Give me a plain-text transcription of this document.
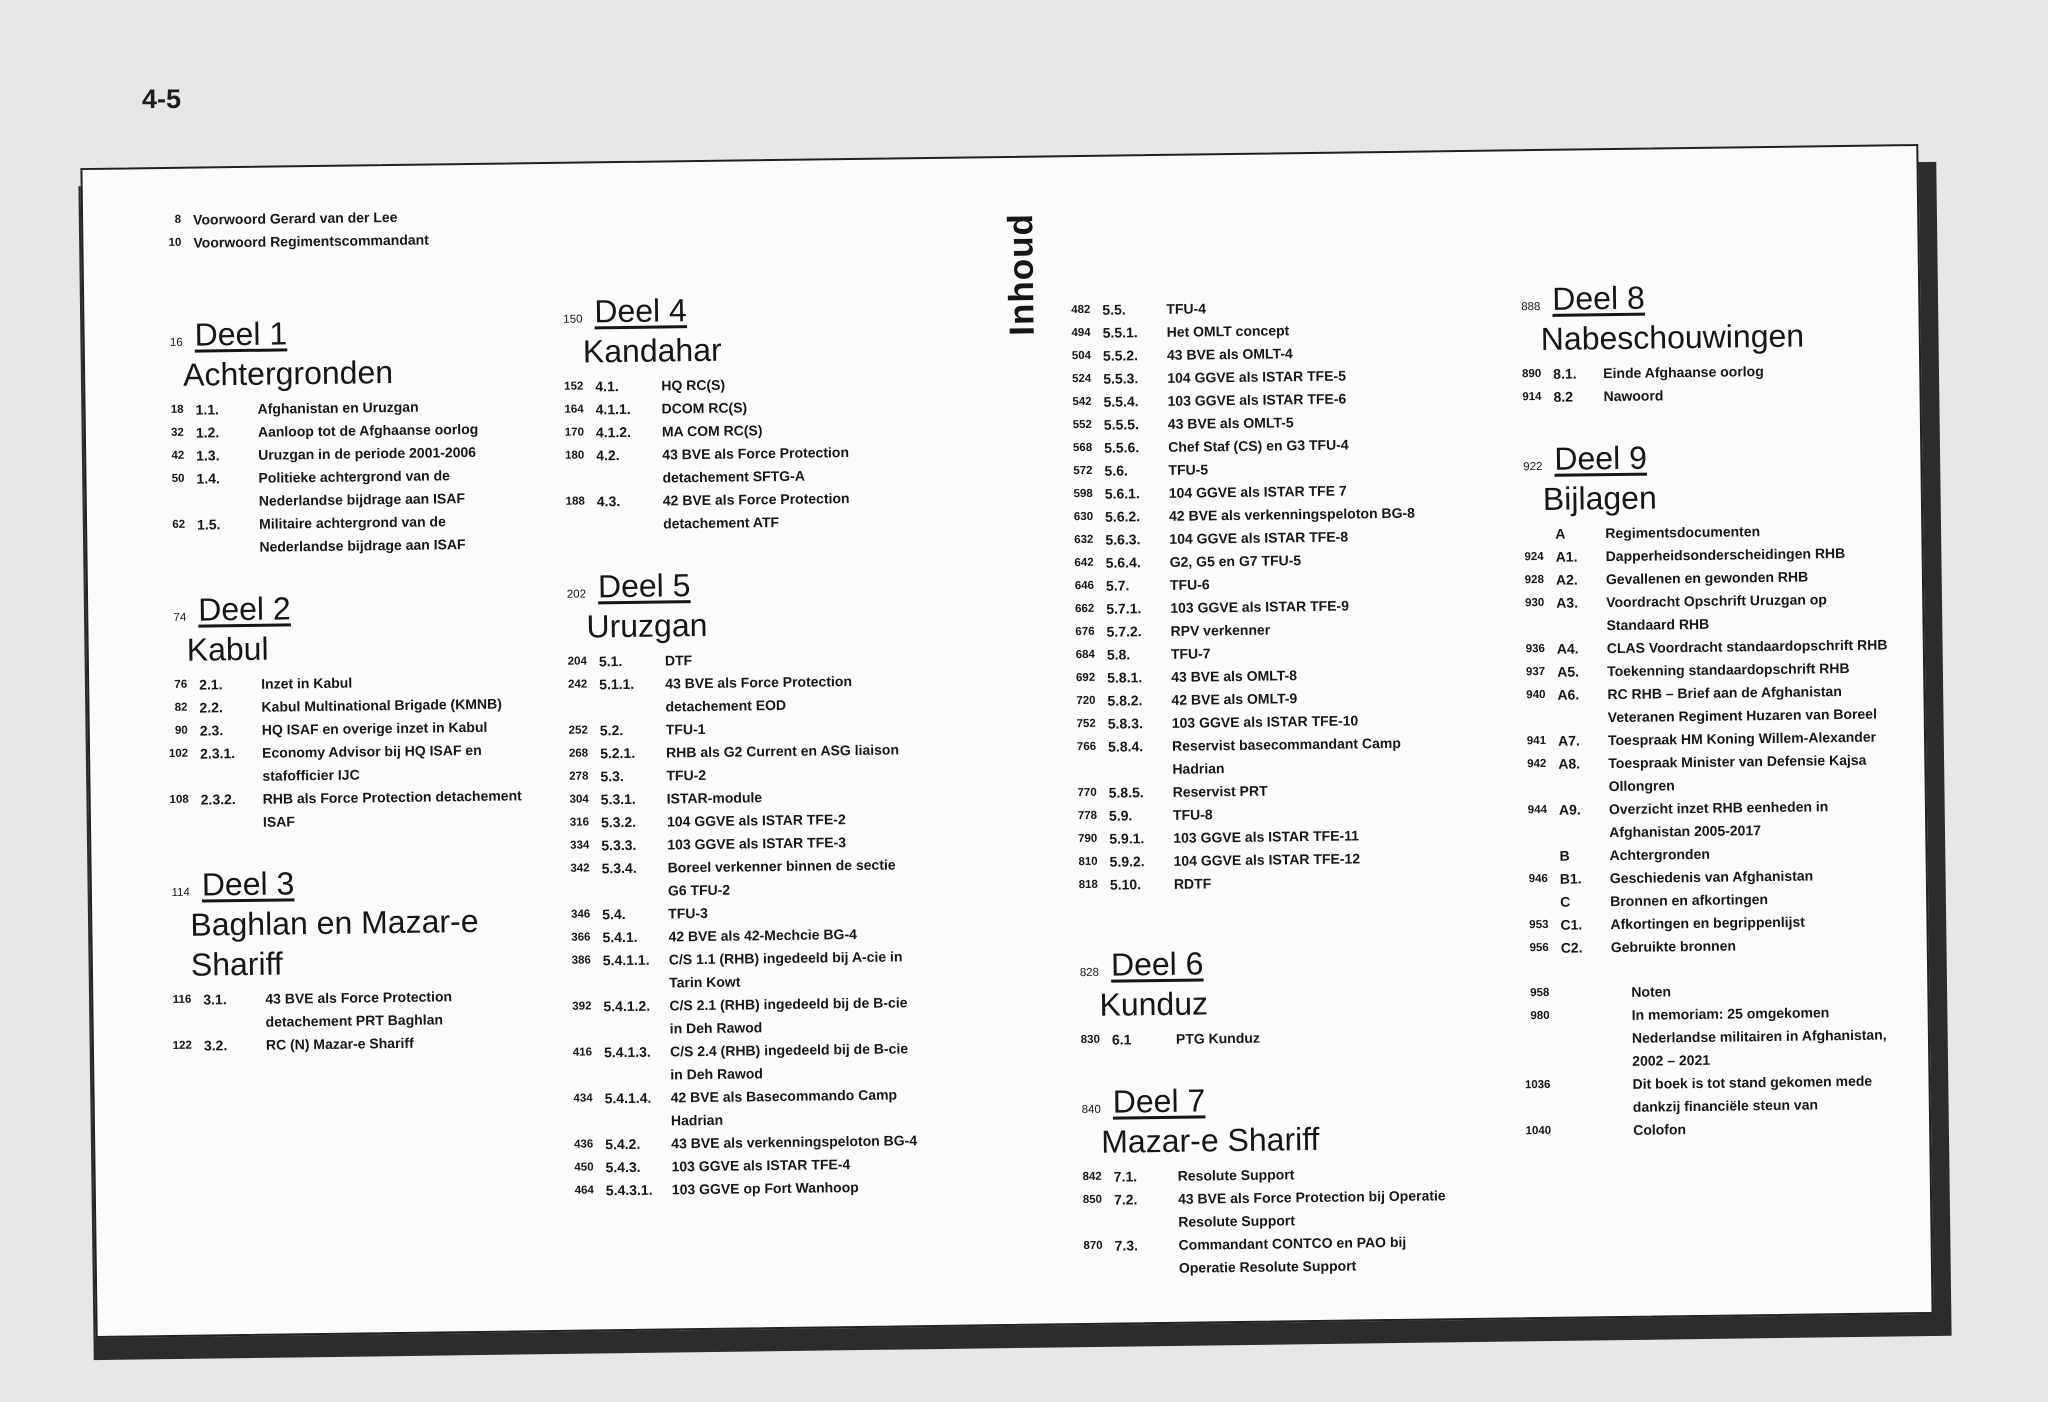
4-5
Inhoud
8 Voorwoord Gerard van der Lee
10 Voorwoord Regimentscommandant
16 Deel 1
Achtergronden
18 1.1.	Afghanistan en Uruzgan
32 1.2.	Aanloop tot de Afghaanse oorlog
42 1.3.	Uruzgan in de periode 2001-2006
50 1.4.	Politieke achtergrond van de Nederlandse bijdrage aan ISAF
62 1.5.	Militaire achtergrond van de Nederlandse bijdrage aan ISAF
74 Deel 2
Kabul
76 2.1.	Inzet in Kabul
82 2.2.	Kabul Multinational Brigade (KMNB)
90 2.3.	HQ ISAF en overige inzet in Kabul
102 2.3.1.	Economy Advisor bij HQ ISAF en stafofficier IJC
108 2.3.2.	RHB als Force Protection detachement ISAF
114 Deel 3
Baghlan en Mazar-e Shariff
116 3.1.	43 BVE als Force Protection detachement PRT Baghlan
122 3.2.	RC (N) Mazar-e Shariff
150 Deel 4
Kandahar
152 4.1.	HQ RC(S)
164 4.1.1.	DCOM RC(S)
170 4.1.2.	MA COM RC(S)
180 4.2.	43 BVE als Force Protection detachement SFTG-A
188 4.3.	42 BVE als Force Protection detachement ATF
202 Deel 5
Uruzgan
204 5.1.	DTF
242 5.1.1.	43 BVE als Force Protection detachement EOD
252 5.2.	TFU-1
268 5.2.1.	RHB als G2 Current en ASG liaison
278 5.3.	TFU-2
304 5.3.1.	ISTAR-module
316 5.3.2.	104 GGVE als ISTAR TFE-2
334 5.3.3.	103 GGVE als ISTAR TFE-3
342 5.3.4.	Boreel verkenner binnen de sectie G6 TFU-2
346 5.4.	TFU-3
366 5.4.1.	42 BVE als 42-Mechcie BG-4
386 5.4.1.1.	C/S 1.1 (RHB) ingedeeld bij A-cie in Tarin Kowt
392 5.4.1.2.	C/S 2.1 (RHB) ingedeeld bij de B-cie in Deh Rawod
416 5.4.1.3.	C/S 2.4 (RHB) ingedeeld bij de B-cie in Deh Rawod
434 5.4.1.4.	42 BVE als Basecommando Camp Hadrian
436 5.4.2.	43 BVE als verkenningspeloton BG-4
450 5.4.3.	103 GGVE als ISTAR TFE-4
464 5.4.3.1.	103 GGVE op Fort Wanhoop
482 5.5.	TFU-4
494 5.5.1.	Het OMLT concept
504 5.5.2.	43 BVE als OMLT-4
524 5.5.3.	104 GGVE als ISTAR TFE-5
542 5.5.4.	103 GGVE als ISTAR TFE-6
552 5.5.5.	43 BVE als OMLT-5
568 5.5.6.	Chef Staf (CS) en G3 TFU-4
572 5.6.	TFU-5
598 5.6.1.	104 GGVE als ISTAR TFE 7
630 5.6.2.	42 BVE als verkenningspeloton BG-8
632 5.6.3.	104 GGVE als ISTAR TFE-8
642 5.6.4.	G2, G5 en G7 TFU-5
646 5.7.	TFU-6
662 5.7.1.	103 GGVE als ISTAR TFE-9
676 5.7.2.	RPV verkenner
684 5.8.	TFU-7
692 5.8.1.	43 BVE als OMLT-8
720 5.8.2.	42 BVE als OMLT-9
752 5.8.3.	103 GGVE als ISTAR TFE-10
766 5.8.4.	Reservist basecommandant Camp Hadrian
770 5.8.5.	Reservist PRT
778 5.9.	TFU-8
790 5.9.1.	103 GGVE als ISTAR TFE-11
810 5.9.2.	104 GGVE als ISTAR TFE-12
818 5.10.	RDTF
828 Deel 6
Kunduz
830 6.1	PTG Kunduz
840 Deel 7
Mazar-e Shariff
842 7.1.	Resolute Support
850 7.2.	43 BVE als Force Protection bij Operatie Resolute Support
870 7.3.	Commandant CONTCO en PAO bij Operatie Resolute Support
888 Deel 8
Nabeschouwingen
890 8.1.	Einde Afghaanse oorlog
914 8.2	Nawoord
922 Deel 9
Bijlagen
A	Regimentsdocumenten
924 A1.	Dapperheidsonderscheidingen RHB
928 A2.	Gevallenen en gewonden RHB
930 A3.	Voordracht Opschrift Uruzgan op Standaard RHB
936 A4.	CLAS Voordracht standaardopschrift RHB
937 A5.	Toekenning standaardopschrift RHB
940 A6.	RC RHB – Brief aan de Afghanistan Veteranen Regiment Huzaren van Boreel
941 A7.	Toespraak HM Koning Willem-Alexander
942 A8.	Toespraak Minister van Defensie Kajsa Ollongren
944 A9.	Overzicht inzet RHB eenheden in Afghanistan 2005-2017
B	Achtergronden
946 B1.	Geschiedenis van Afghanistan
C	Bronnen en afkortingen
953 C1.	Afkortingen en begrippenlijst
956 C2.	Gebruikte bronnen
958	Noten
980	In memoriam: 25 omgekomen Nederlandse militairen in Afghanistan, 2002 – 2021
1036	Dit boek is tot stand gekomen mede dankzij financiële steun van
1040	Colofon
